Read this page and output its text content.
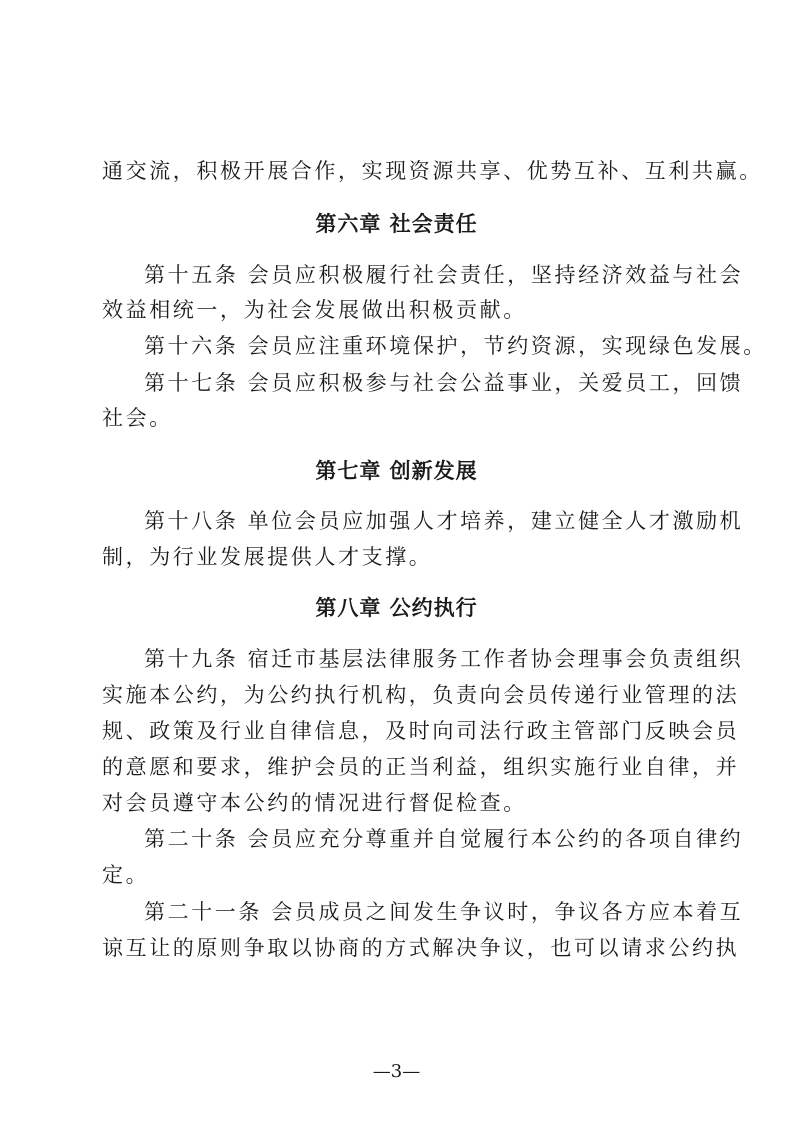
通交流，积极开展合作，实现资源共享、优势互补、互利共赢。
第六章 社会责任
第十五条 会员应积极履行社会责任，坚持经济效益与社会
效益相统一，为社会发展做出积极贡献。
第十六条 会员应注重环境保护，节约资源，实现绿色发展。
第十七条 会员应积极参与社会公益事业，关爱员工，回馈
社会。
第七章 创新发展
第十八条 单位会员应加强人才培养，建立健全人才激励机
制，为行业发展提供人才支撑。
第八章 公约执行
第十九条 宿迁市基层法律服务工作者协会理事会负责组织
实施本公约，为公约执行机构，负责向会员传递行业管理的法
规、政策及行业自律信息，及时向司法行政主管部门反映会员
的意愿和要求，维护会员的正当利益，组织实施行业自律，并
对会员遵守本公约的情况进行督促检查。
第二十条 会员应充分尊重并自觉履行本公约的各项自律约
定。
第二十一条 会员成员之间发生争议时，争议各方应本着互
谅互让的原则争取以协商的方式解决争议，也可以请求公约执
—3—
